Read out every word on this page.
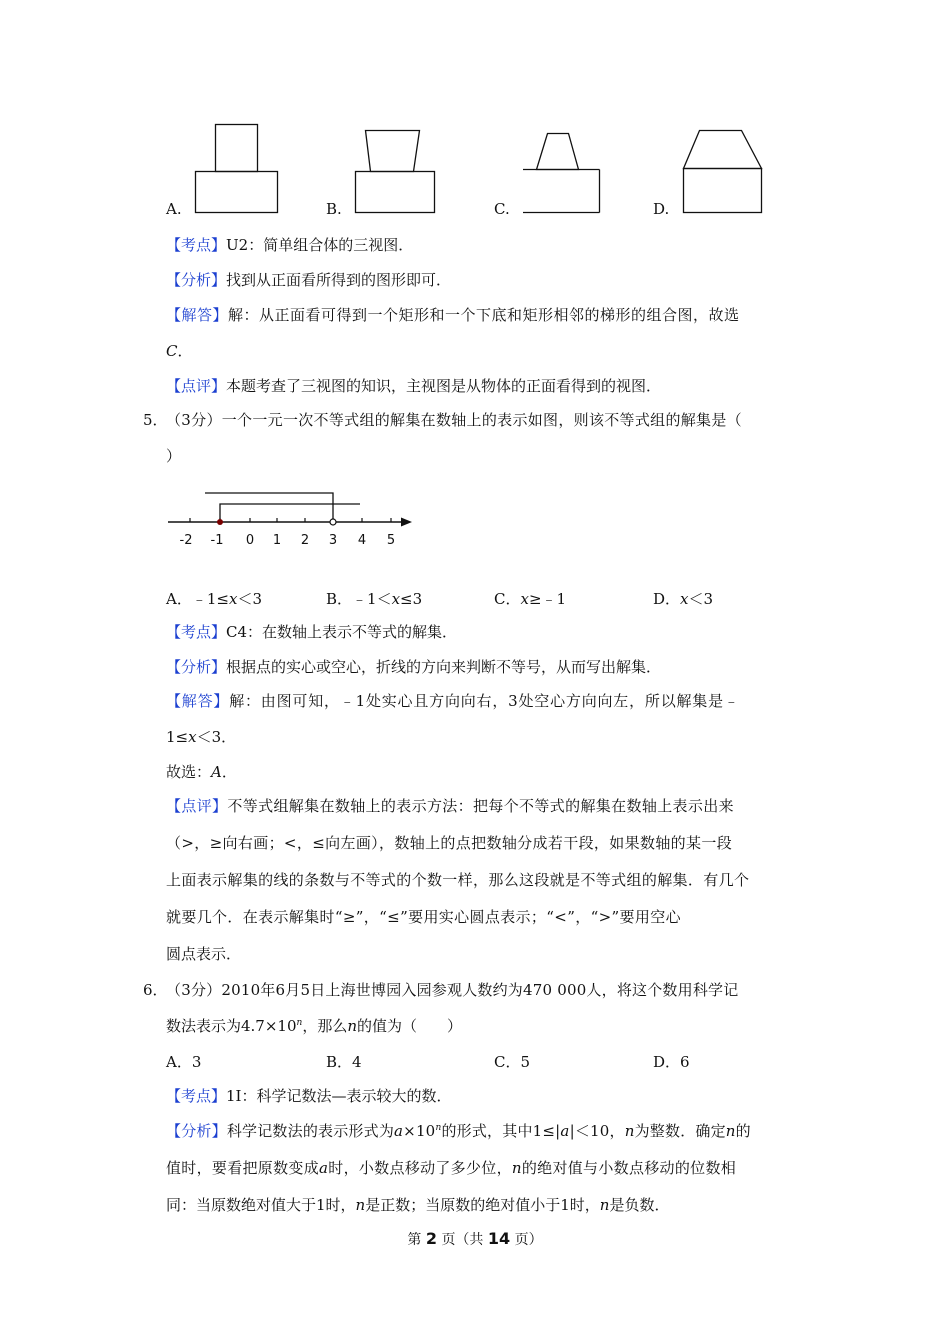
A.	B.	C.	D.
【考点】U2：简单组合体的三视图．
【分析】找到从正面看所得到的图形即可．
【解答】解：从正面看可得到一个矩形和一个下底和矩形相邻的梯形的组合图，故选
C．
【点评】本题考查了三视图的知识，主视图是从物体的正面看得到的视图．
5．
（3分）一个一元一次不等式组的解集在数轴上的表示如图，则该不等式组的解集是（
）
-2 -1 0 1 2 3 4 5
A．﹣1≤x＜3	B．﹣1＜x≤3	C．x≥﹣1	D．x＜3
【考点】C4：在数轴上表示不等式的解集．
【分析】根据点的实心或空心，折线的方向来判断不等号，从而写出解集．
【解答】解：由图可知，﹣1处实心且方向向右，3处空心方向向左，所以解集是﹣
1≤x＜3．
故选：A．
【点评】不等式组解集在数轴上的表示方法：把每个不等式的解集在数轴上表示出来
（>，≥向右画；<，≤向左画），数轴上的点把数轴分成若干段，如果数轴的某一段
上面表示解集的线的条数与不等式的个数一样，那么这段就是不等式组的解集．有几个
就要几个．在表示解集时“≥”，“≤”要用实心圆点表示；“<”，“>”要用空心
圆点表示．
6．
（3分）2010年6月5日上海世博园入园参观人数约为470 000人，将这个数用科学记
数法表示为$4.7\times 10^n$，那么n的值为（　　）
A．3	B．4	C．5	D．6
【考点】1I：科学记数法—表示较大的数．
【分析】科学记数法的表示形式为$a\times 10^n$的形式，其中1≤|a|＜10，n为整数．确定n的
值时，要看把原数变成a时，小数点移动了多少位，n的绝对值与小数点移动的位数相
同：当原数绝对值大于1时，n是正数；当原数的绝对值小于1时，n是负数．
第 2 页（共 14 页）
